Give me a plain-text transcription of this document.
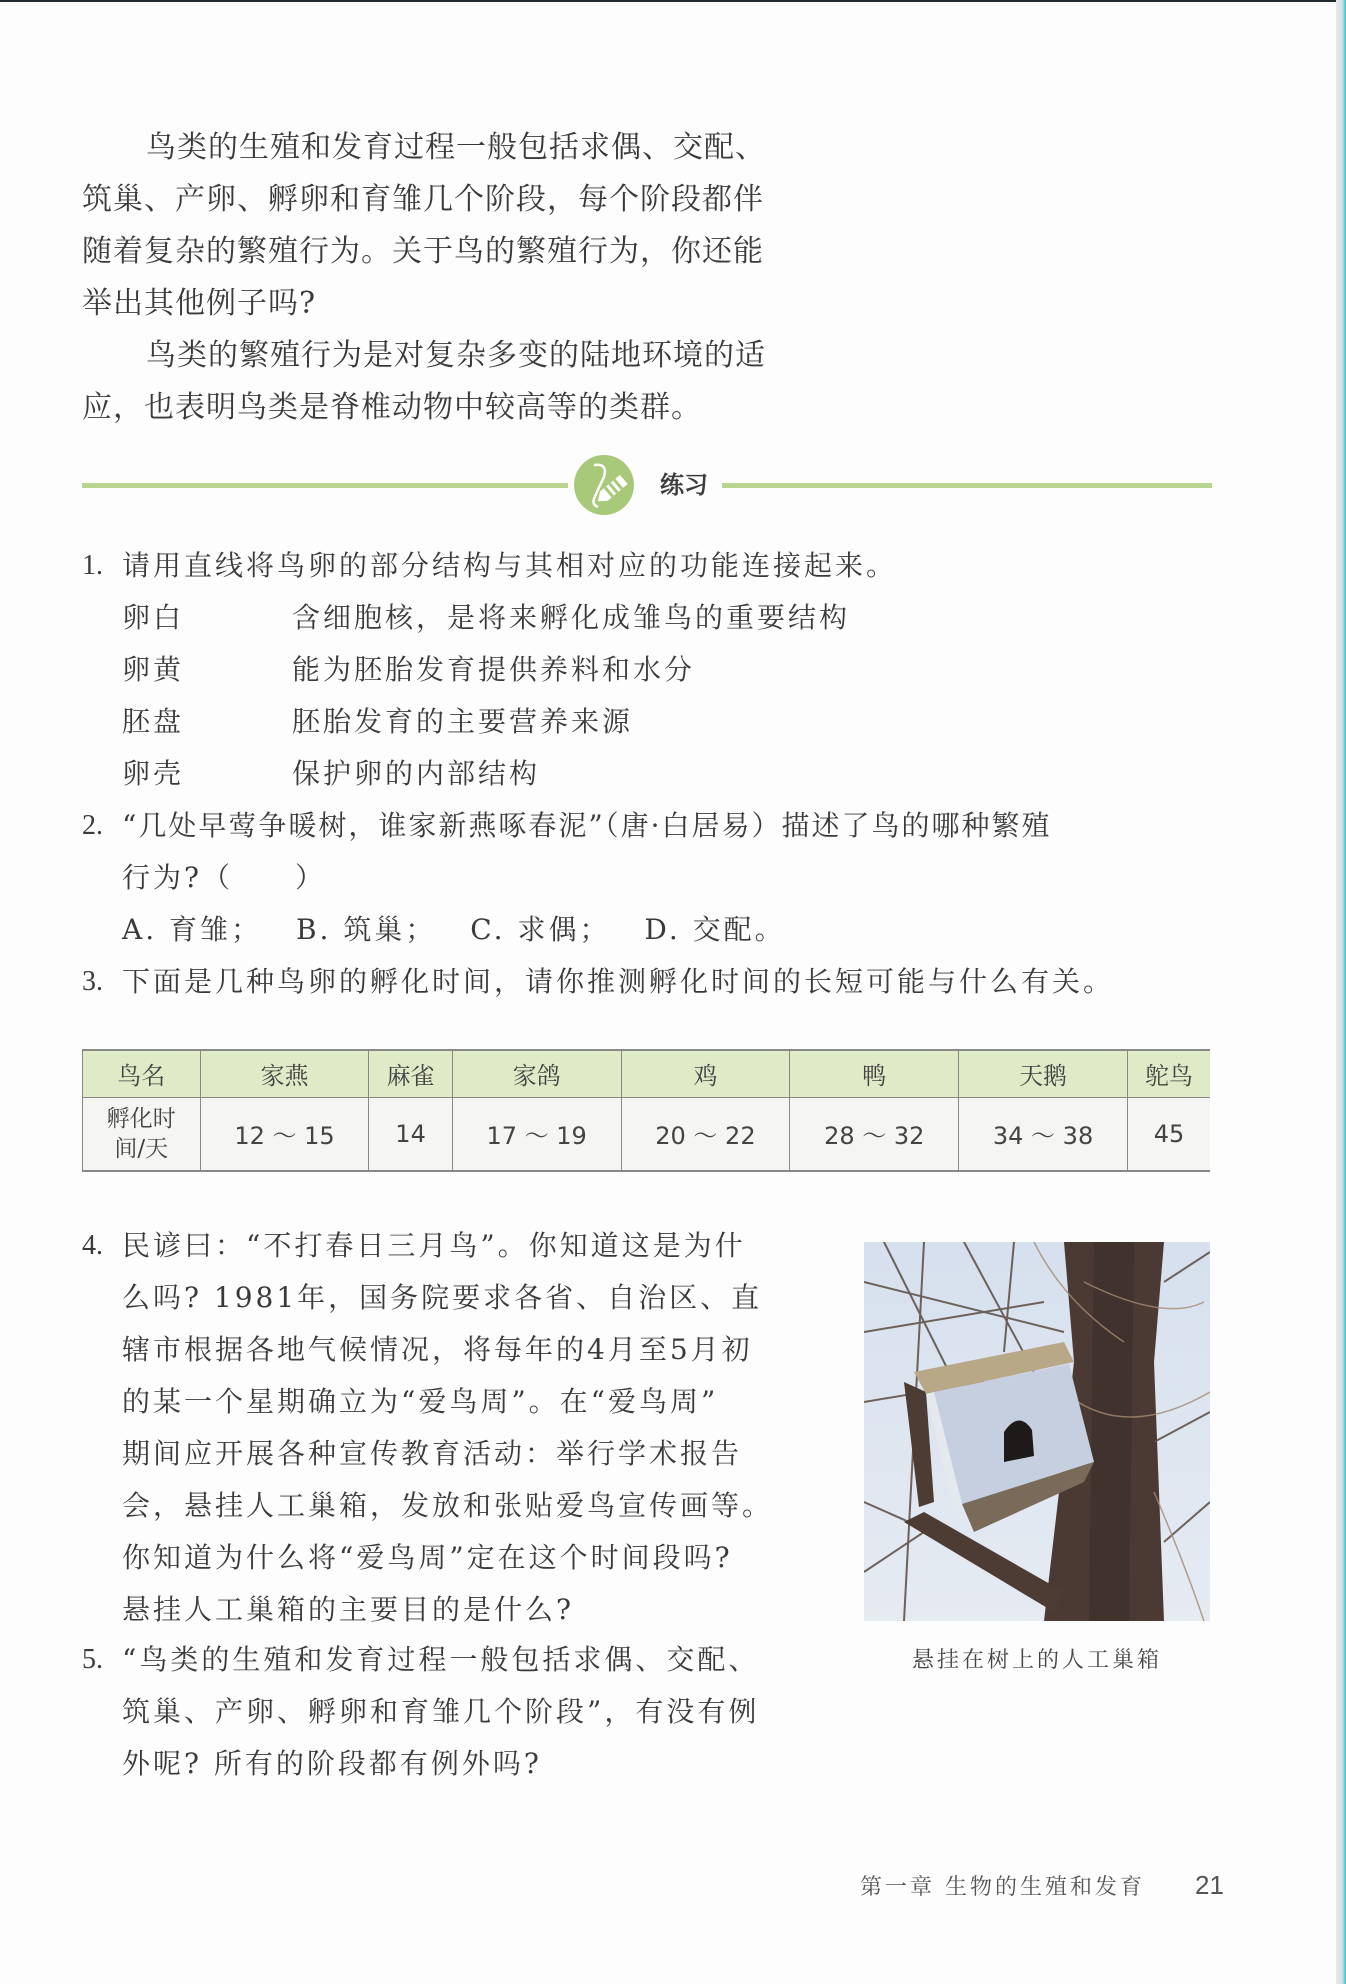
鸟类的生殖和发育过程一般包括求偶、交配、
筑巢、产卵、孵卵和育雏几个阶段，每个阶段都伴
随着复杂的繁殖行为。关于鸟的繁殖行为，你还能
举出其他例子吗?
鸟类的繁殖行为是对复杂多变的陆地环境的适
应，也表明鸟类是脊椎动物中较高等的类群。
练习
1. 请用直线将鸟卵的部分结构与其相对应的功能连接起来。
卵白	含细胞核，是将来孵化成雏鸟的重要结构
卵黄	能为胚胎发育提供养料和水分
胚盘	胚胎发育的主要营养来源
卵壳	保护卵的内部结构
2. “几处早莺争暖树，谁家新燕啄春泥”（唐·白居易）描述了鸟的哪种繁殖
行为?（　　）
A. 育雏； B. 筑巢； C. 求偶； D. 交配。
3. 下面是几种鸟卵的孵化时间，请你推测孵化时间的长短可能与什么有关。
鸟名	家燕	麻雀	家鸽	鸡	鸭	天鹅	鸵鸟

孵化时
间/天	12 ～ 15	14	17 ～ 19	20 ～ 22	28 ～ 32	34 ～ 38	45
4. 民谚曰：“不打春日三月鸟”。你知道这是为什
么吗? 1981年，国务院要求各省、自治区、直
辖市根据各地气候情况，将每年的4月至5月初
的某一个星期确立为“爱鸟周”。在“爱鸟周”
期间应开展各种宣传教育活动：举行学术报告
会，悬挂人工巢箱，发放和张贴爱鸟宣传画等。
你知道为什么将“爱鸟周”定在这个时间段吗?
悬挂人工巢箱的主要目的是什么?
5. “鸟类的生殖和发育过程一般包括求偶、交配、
筑巢、产卵、孵卵和育雏几个阶段”，有没有例
外呢? 所有的阶段都有例外吗?
悬挂在树上的人工巢箱
第一章 生物的生殖和发育 21
